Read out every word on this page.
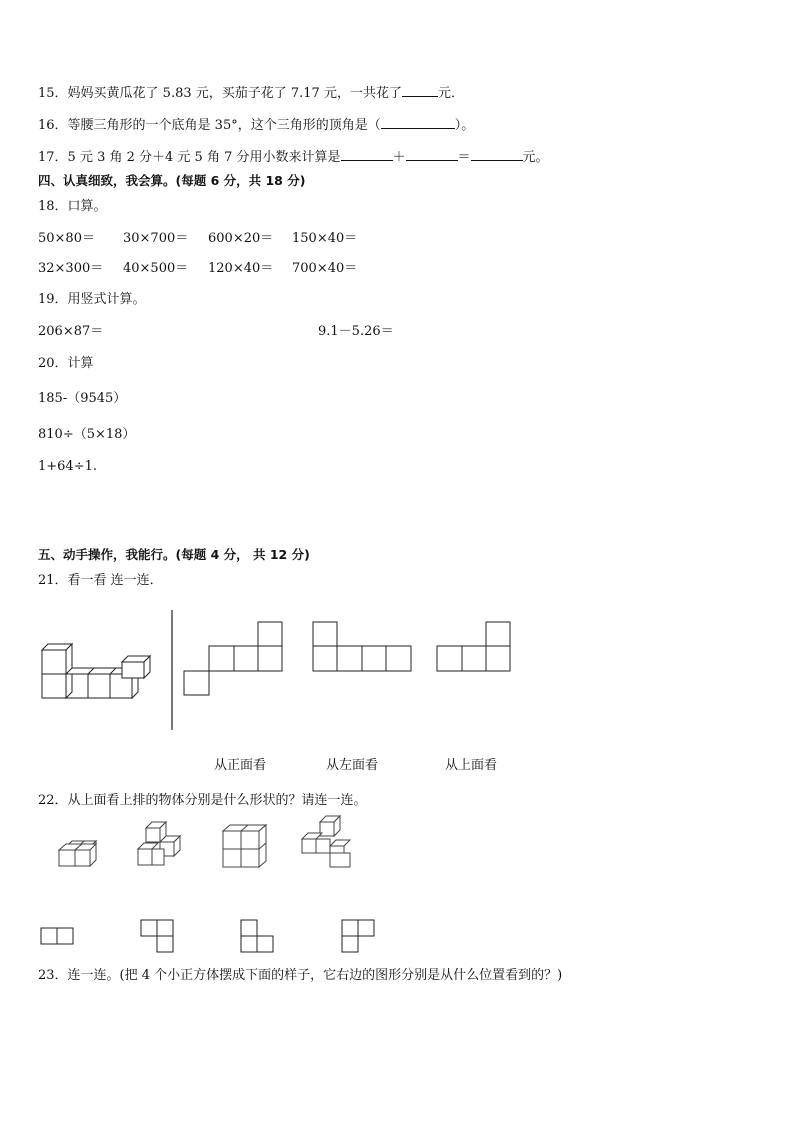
15．妈妈买黄瓜花了 5.83 元，买茄子花了 7.17 元，一共花了	元．
16．等腰三角形的一个底角是 35°，这个三角形的顶角是（	）。
17．5 元 3 角 2 分＋4 元 5 角 7 分用小数来计算是	＋	＝	元。
四、认真细致，我会算。(每题 6 分，共 18 分)
18．口算。
50×80＝ 30×700＝ 600×20＝ 150×40＝
32×300＝ 40×500＝ 120×40＝ 700×40＝
19．用竖式计算。
206×87＝	9.1－5.26＝
20．计算
185-（9545）
810÷（5×18）
1+64÷1.
五、动手操作，我能行。(每题 4 分， 共 12 分)
21．看一看 连一连．
从正面看	从左面看	从上面看
22．从上面看上排的物体分别是什么形状的？请连一连。
23．连一连。(把 4 个小正方体摆成下面的样子，它右边的图形分别是从什么位置看到的？)
